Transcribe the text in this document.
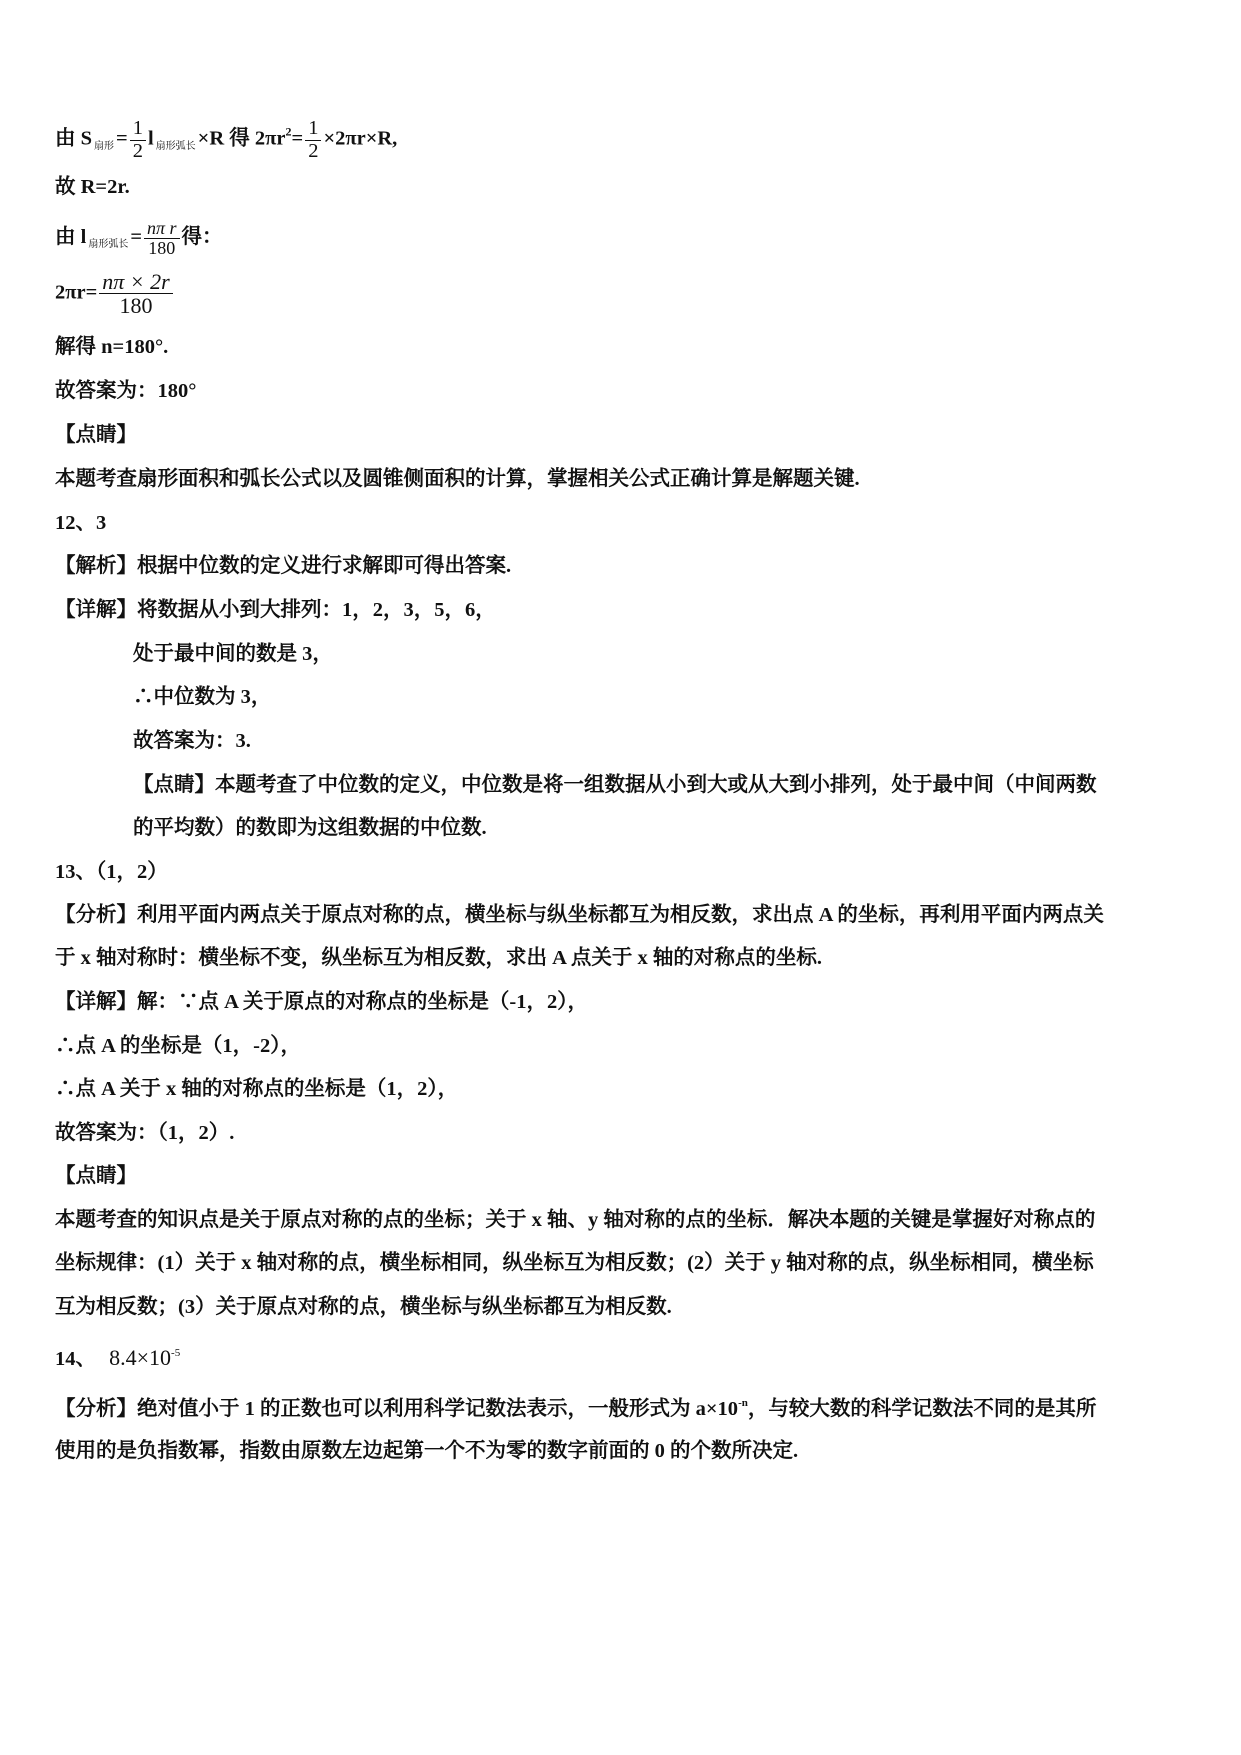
由 S $_{扇形}= \frac{1}{2}$ l $_{扇形弧长}$×R 得 $2\pi r^2= \frac{1}{2} \times 2\pi r\times R$,
故 R=2r.
由 l $_{扇形弧长}= \frac{\text{nπ r}}{180}$ 得：
$2\pi r= \frac{n\pi \times 2r}{180}$
解得 n=180°.
故答案为：180°
【点睛】
本题考查扇形面积和弧长公式以及圆锥侧面积的计算，掌握相关公式正确计算是解题关键.
12、3
【解析】根据中位数的定义进行求解即可得出答案.
【详解】将数据从小到大排列：1，2，3，5，6，
处于最中间的数是 3，
∴中位数为 3，
故答案为：3.
【点睛】本题考查了中位数的定义，中位数是将一组数据从小到大或从大到小排列，处于最中间（中间两数
的平均数）的数即为这组数据的中位数.
13、（1，2）
【分析】利用平面内两点关于原点对称的点，横坐标与纵坐标都互为相反数，求出点 A 的坐标，再利用平面内两点关
于 x 轴对称时：横坐标不变，纵坐标互为相反数，求出 A 点关于 x 轴的对称点的坐标.
【详解】解：∵点 A 关于原点的对称点的坐标是（-1，2），
∴点 A 的坐标是（1，-2），
∴点 A 关于 x 轴的对称点的坐标是（1，2），
故答案为：（1，2）.
【点睛】
本题考查的知识点是关于原点对称的点的坐标；关于 x 轴、y 轴对称的点的坐标．解决本题的关键是掌握好对称点的
坐标规律：(1）关于 x 轴对称的点，横坐标相同，纵坐标互为相反数；(2）关于 y 轴对称的点，纵坐标相同，横坐标
互为相反数；(3）关于原点对称的点，横坐标与纵坐标都互为相反数.
14、 $8.4\times 10^{-5}$
【分析】绝对值小于 1 的正数也可以利用科学记数法表示，一般形式为 $a\times 10^{-n}$，与较大数的科学记数法不同的是其所
使用的是负指数幂，指数由原数左边起第一个不为零的数字前面的 0 的个数所决定.
